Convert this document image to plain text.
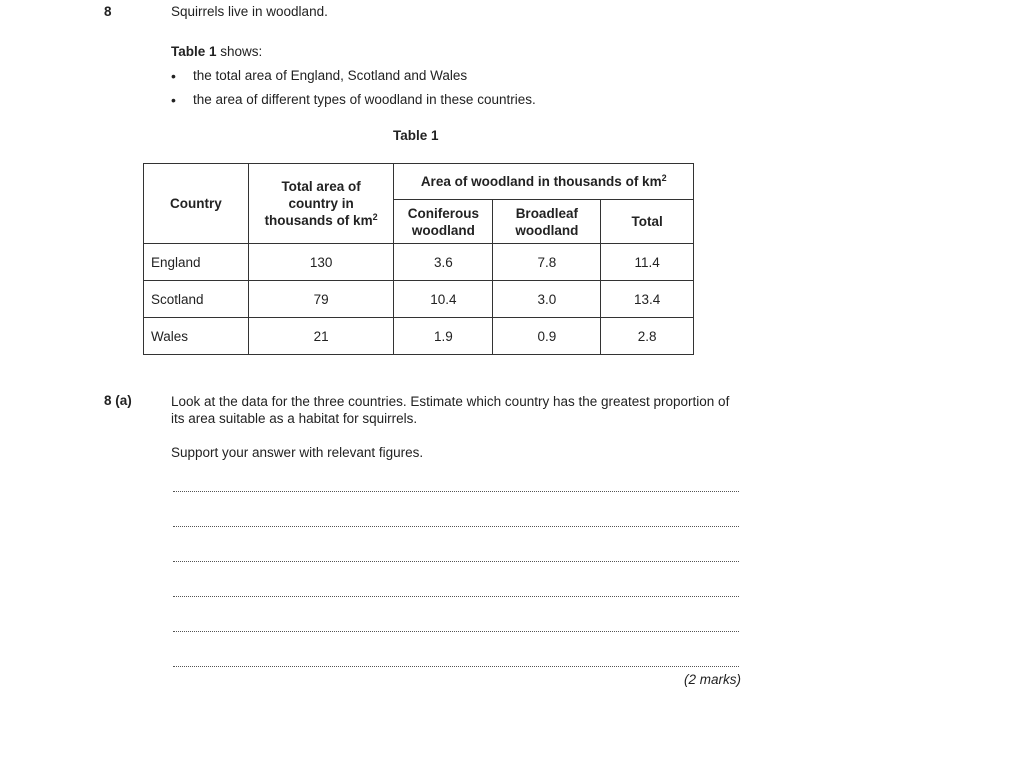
8	Squirrels live in woodland.
Table 1 shows:
• the total area of England, Scotland and Wales
• the area of different types of woodland in these countries.
Table 1
Country	Total area of country in thousands of $km^2$	Area of woodland in thousands of $km^2$
		Coniferous woodland	Broadleaf woodland	Total
England	130	3.6	7.8	11.4
Scotland	79	10.4	3.0	13.4
Wales	21	1.9	0.9	2.8
8 (a)	Look at the data for the three countries. Estimate which country has the greatest proportion of its area suitable as a habitat for squirrels.
Support your answer with relevant figures.
(2 marks)
